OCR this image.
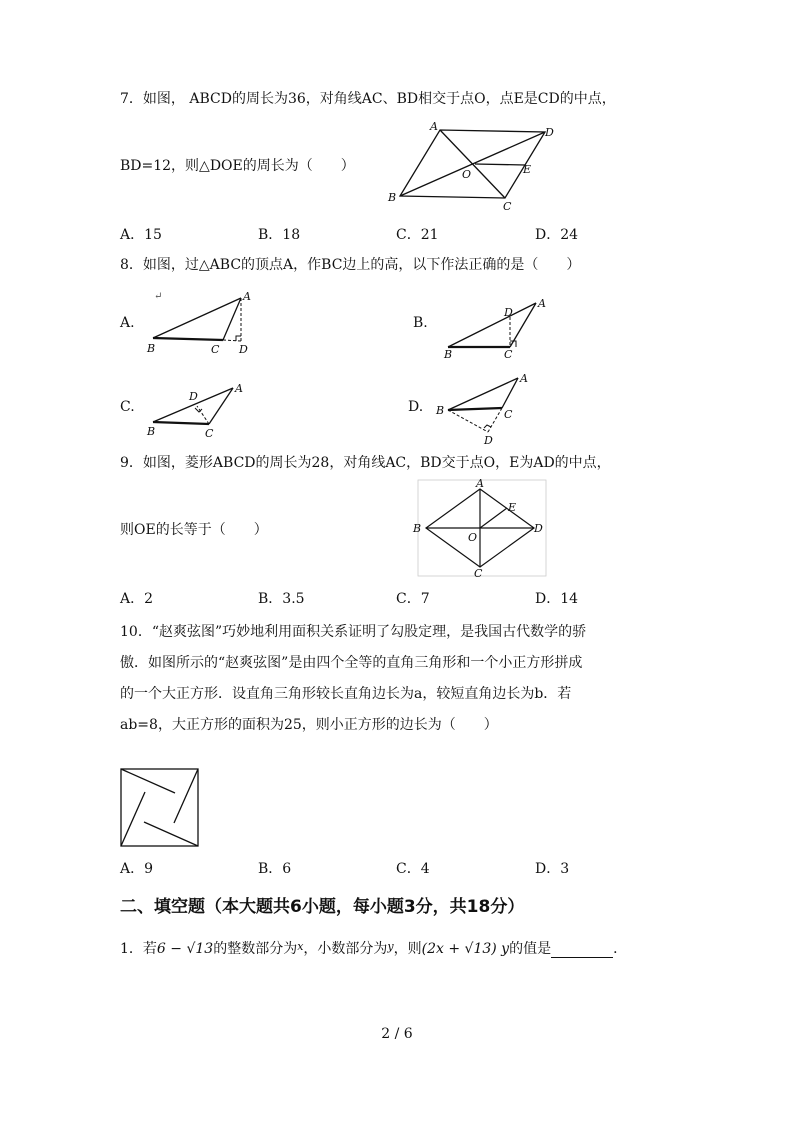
7．如图， ABCD的周长为36，对角线AC、BD相交于点O，点E是CD的中点，
BD=12，则△DOE的周长为（　　）
A	D
B
C
O	E
A．15	B．18	C．21	D．24
8．如图，过△ABC的顶点A，作BC边上的高，以下作法正确的是（　　）
↵
A.
A
B	C D
B.
A
D
B	C
C.
A
D
B	C
D.
A
B	C
D
9．如图，菱形ABCD的周长为28，对角线AC，BD交于点O，E为AD的中点，
则OE的长等于（　　）
A
B	D
C
O
E
A．2	B．3.5	C．7	D．14
10．“赵爽弦图”巧妙地利用面积关系证明了勾股定理，是我国古代数学的骄
傲．如图所示的“赵爽弦图”是由四个全等的直角三角形和一个小正方形拼成
的一个大正方形．设直角三角形较长直角边长为a，较短直角边长为b．若
ab=8，大正方形的面积为25，则小正方形的边长为（　　）
A．9	B．6	C．4	D．3
二、填空题（本大题共6小题，每小题3分，共18分）
1．若6 − √13的整数部分为$^x$，小数部分为$^y$，则(2x + √13) y的值是	．
2 / 6
